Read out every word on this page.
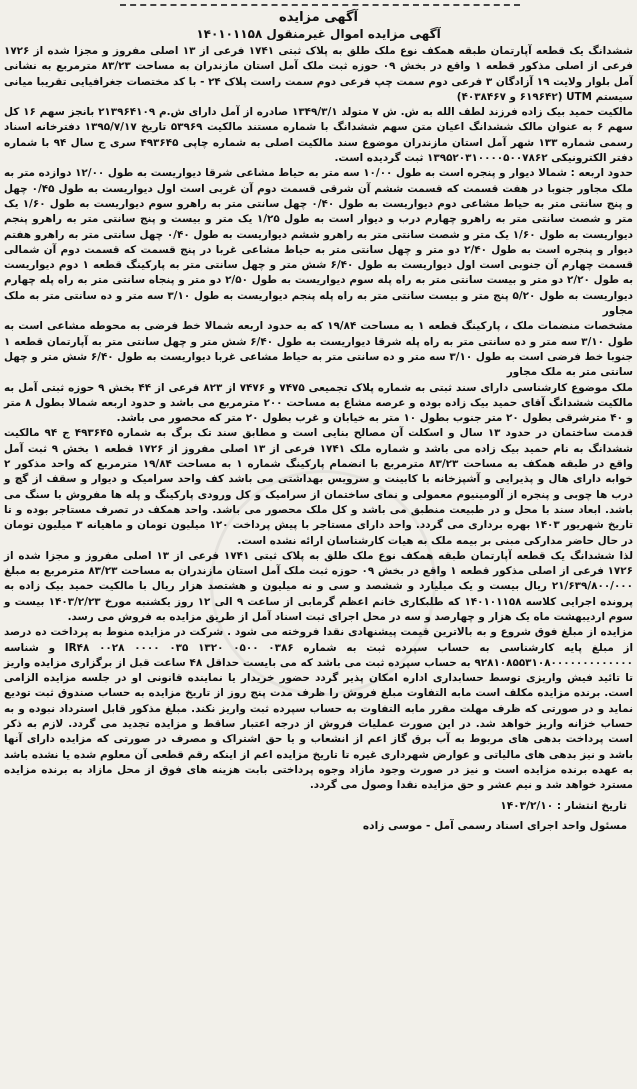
آگهی مزایده

آگهی مزایده اموال غیرمنقول ۱۴۰۱۰۱۱۵۸

ششدانگ یک قطعه آپارتمان طبقه همکف نوع ملک طلق به پلاک ثبتی ۱۷۴۱ فرعی از ۱۳ اصلی مفروز و مجزا شده از ۱۷۲۶ فرعی از اصلی مذکور قطعه ۱ واقع در بخش ۰۹ حوزه ثبت ملک آمل استان مازندران به مساحت ۸۳/۲۳ مترمربع به نشانی آمل بلوار ولایت ۱۹ آزادگان ۳ فرعی دوم سمت چپ فرعی دوم سمت راست پلاک ۲۴ - با کد مختصات جغرافیایی تقریبا میانی سیستم UTM (۶۱۹۶۴۲ و ۴۰۳۸۴۶۷)

مالکیت حمید بیک زاده فرزند لطف الله به ش. ش ۷ متولد ۱۳۴۹/۳/۱ صادره از آمل دارای ش.م ۲۱۳۹۶۴۱۰۹ بانجز سهم ۱۶ کل سهم ۶ به عنوان مالک ششدانگ اعیان متن سهم ششدانگ با شماره مستند مالکیت ۵۳۹۶۹ تاریخ ۱۳۹۵/۷/۱۷ دفترخانه اسناد رسمی شماره ۱۳۳ شهر آمل استان مازندران موضوع سند مالکیت اصلی به شماره چاپی ۴۹۳۶۴۵ سری ج سال ۹۴ با شماره دفتر الکترونیکی ۱۳۹۵۲۰۳۱۰۰۰۰۵۰۰۷۸۶۲ ثبت گردیده است.

حدود اربعه : شمالا دیوار و پنجره است به طول ۱۰/۰۰ سه متر به حیاط مشاعی شرقا دیواریست به طول ۱۲/۰۰ دوازده متر به ملک مجاور جنوبا در هفت قسمت که قسمت ششم آن شرقی قسمت دوم آن غربی است اول دیواریست به طول ۰/۴۵ چهل و پنج سانتی متر به حیاط مشاعی دوم دیواریست به طول ۰/۴۰ چهل سانتی متر به راهرو سوم دیواریست به طول ۱/۶۰ یک متر و شصت سانتی متر به راهرو چهارم درب و دیوار است به طول ۱/۲۵ یک متر و بیست و پنج سانتی متر به راهرو پنجم دیواریست به طول ۱/۶۰ یک متر و شصت سانتی متر به راهرو ششم دیواریست به طول ۰/۴۰ چهل سانتی متر به راهرو هفتم دیوار و پنجره است به طول ۲/۴۰ دو متر و چهل سانتی متر به حیاط مشاعی غربا در پنج قسمت که قسمت دوم آن شمالی قسمت چهارم آن جنوبی است اول دیواریست به طول ۶/۴۰ شش متر و چهل سانتی متر به پارکینگ قطعه ۱ دوم دیواریست به طول ۲/۲۰ دو متر و بیست سانتی متر به راه پله سوم دیواریست به طول ۲/۵۰ دو متر و پنجاه سانتی متر به راه پله چهارم دیواریست به طول ۵/۲۰ پنج متر و بیست سانتی متر به راه پله پنجم دیواریست به طول ۳/۱۰ سه متر و ده سانتی متر به ملک مجاور

مشخصات منضمات ملک ، پارکینگ قطعه ۱ به مساحت ۱۹/۸۴ که به حدود اربعه شمالا خط فرضی به محوطه مشاعی است به طول ۳/۱۰ سه متر و ده سانتی متر به راه پله شرقا دیواریست به طول ۶/۴۰ شش متر و چهل سانتی متر به آپارتمان قطعه ۱ جنوبا خط فرضی است به طول ۳/۱۰ سه متر و ده سانتی متر به حیاط مشاعی غربا دیواریست به طول ۶/۴۰ شش متر و چهل سانتی متر به ملک مجاور

ملک موضوع کارشناسی دارای سند ثبتی به شماره پلاک تجمیعی ۷۴۷۵ و ۷۴۷۶ از ۸۲۳ فرعی از ۴۴ بخش ۹ حوزه ثبتی آمل به مالکیت ششدانگ آقای حمید بیک زاده بوده و عرصه مشاع به مساحت ۲۰۰ مترمربع می باشد و حدود اربعه شمالا بطول ۸ متر و ۴۰ مترشرقی بطول ۲۰ متر جنوب بطول ۱۰ متر به خیابان و غرب بطول ۲۰ متر که محصور می باشد.

قدمت ساختمان در حدود ۱۳ سال و اسکلت آن مصالح بنایی است و مطابق سند تک برگ به شماره ۴۹۳۶۴۵ ج ۹۴ مالکیت ششدانگ به نام حمید بیک زاده می باشد و شماره ملک ۱۷۴۱ فرعی از ۱۳ اصلی مفروز از ۱۷۲۶ قطعه ۱ بخش ۹ ثبت آمل واقع در طبقه همکف به مساحت ۸۳/۲۳ مترمربع با انضمام پارکینگ شماره ۱ به مساحت ۱۹/۸۴ مترمربع که واحد مذکور ۲ خوابه دارای هال و پذیرایی و آشپزخانه با کابینت و سرویس بهداشتی می باشد کف واحد سرامیک و دیوار و سقف از گچ و درب ها چوبی و پنجره از آلومینیوم معمولی و نمای ساختمان از سرامیک و کل ورودی پارکینگ و پله ها مفروش با سنگ می باشد. ابعاد سند با محل و در طبیعت منطبق می باشد و کل ملک محصور می باشد. واحد همکف در تصرف مستاجر بوده و تا تاریخ شهریور ۱۴۰۳ بهره برداری می گردد. واحد دارای مستاجر با پیش پرداخت ۱۲۰ میلیون تومان و ماهیانه ۳ میلیون تومان در حال حاضر مدارکی مبنی بر بیمه ملک به هیات کارشناسان ارائه نشده است.

لذا ششدانگ یک قطعه آپارتمان طبقه همکف نوع ملک طلق به پلاک ثبتی ۱۷۴۱ فرعی از ۱۳ اصلی مفروز و مجزا شده از ۱۷۲۶ فرعی از اصلی مذکور قطعه ۱ واقع در بخش ۰۹ حوزه ثبت ملک آمل استان مازندران به مساحت ۸۳/۲۳ مترمربع به مبلغ ۲۱/۶۳۹/۸۰۰/۰۰۰ ریال بیست و یک میلیارد و ششصد و سی و نه میلیون و هشتصد هزار ریال با مالکیت حمید بیک زاده به پرونده اجرایی کلاسه ۱۴۰۱۰۱۱۵۸ که طلبکاری خانم اعظم گرمابی از ساعت ۹ الی ۱۲ روز یکشنبه مورخ ۱۴۰۳/۲/۲۳ بیست و سوم اردیبهشت ماه یک هزار و چهارصد و سه در محل اجرای ثبت اسناد آمل از طریق مزایده به فروش می رسد.

مزایده از مبلغ فوق شروع و به بالاترین قیمت پیشنهادی نقدا فروخته می شود . شرکت در مزایده منوط به پرداخت ده درصد از مبلغ پایه کارشناسی به حساب سپرده ثبت به شماره ۰۳۸۶ ۰۵۰۰ ۱۳۲۰ ۰۳۵ ۰۰۰۰ ۰۰۲۸ IR۴۸ و شناسه ۹۲۸۱۰۸۵۵۳۱۰۸۰۰۰۰۰۰۰۰۰۰۰۰۰ به حساب سپرده ثبت می باشد که می بایست حداقل ۴۸ ساعت قبل از برگزاری مزایده واریز تا تائید فیش واریزی توسط حسابداری اداره امکان پذیر گردد حضور خریدار یا نماینده قانونی او در جلسه مزایده الزامی است. برنده مزایده مکلف است مابه التفاوت مبلغ فروش را ظرف مدت پنج روز از تاریخ مزایده به حساب صندوق ثبت تودیع نماید و در صورتی که ظرف مهلت مقرر مابه التفاوت به حساب سپرده ثبت واریز نکند. مبلغ مذکور قابل استرداد نبوده و به حساب خزانه واریز خواهد شد. در این صورت عملیات فروش از درجه اعتبار ساقط و مزایده تجدید می گردد. لازم به ذکر است پرداخت بدهی های مربوط به آب برق گاز اعم از انشعاب و یا حق اشتراک و مصرف در صورتی که مزایده دارای آنها باشد و نیز بدهی های مالیاتی و عوارض شهرداری غیره تا تاریخ مزایده اعم از اینکه رقم قطعی آن معلوم شده یا نشده باشد به عهده برنده مزایده است و نیز در صورت وجود مازاد وجوه پرداختی بابت هزینه های فوق از محل مازاد به برنده مزایده مسترد خواهد شد و نیم عشر و حق مزایده نقدا وصول می گردد.

تاریخ انتشار : ۱۴۰۳/۲/۱۰

مسئول واحد اجرای اسناد رسمی آمل - موسی زاده
